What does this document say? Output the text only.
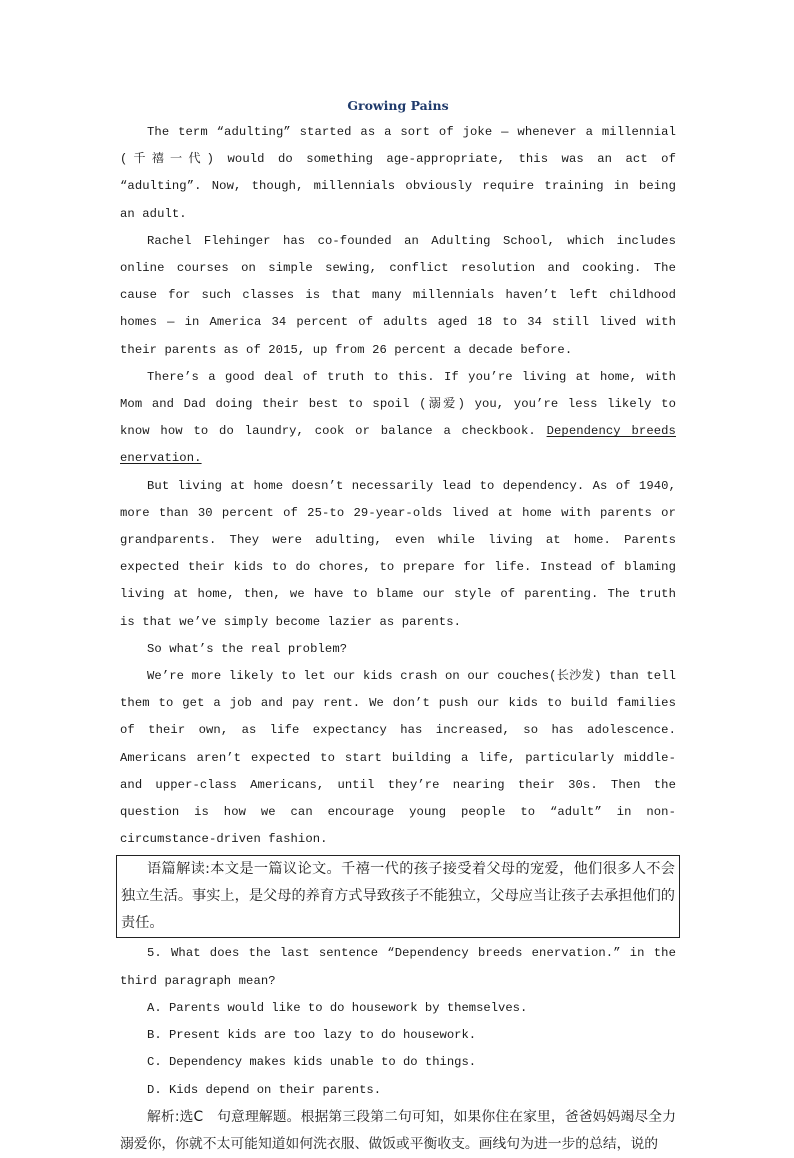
Growing Pains

The term “adulting” started as a sort of joke — whenever a millennial (千禧一代) would do something age-appropriate, this was an act of “adulting”. Now, though, millennials obviously require training in being an adult.

Rachel Flehinger has co-founded an Adulting School, which includes online courses on simple sewing, conflict resolution and cooking. The cause for such classes is that many millennials haven’t left childhood homes — in America 34 percent of adults aged 18 to 34 still lived with their parents as of 2015, up from 26 percent a decade before.

There’s a good deal of truth to this. If you’re living at home, with Mom and Dad doing their best to spoil (溺爱) you, you’re less likely to know how to do laundry, cook or balance a checkbook. Dependency breeds enervation.

But living at home doesn’t necessarily lead to dependency. As of 1940, more than 30 percent of 25-to 29-year-olds lived at home with parents or grandparents. They were adulting, even while living at home. Parents expected their kids to do chores, to prepare for life. Instead of blaming living at home, then, we have to blame our style of parenting. The truth is that we’ve simply become lazier as parents.

So what’s the real problem?

We’re more likely to let our kids crash on our couches(长沙发) than tell them to get a job and pay rent. We don’t push our kids to build families of their own, as life expectancy has increased, so has adolescence. Americans aren’t expected to start building a life, particularly middle-and upper-class Americans, until they’re nearing their 30s. Then the question is how we can encourage young people to “adult” in non-circumstance-driven fashion.

语篇解读:本文是一篇议论文。千禧一代的孩子接受着父母的宠爱，他们很多人不会独立生活。事实上，是父母的养育方式导致孩子不能独立，父母应当让孩子去承担他们的责任。

5. What does the last sentence “Dependency breeds enervation.” in the third paragraph mean?

A. Parents would like to do housework by themselves.

B. Present kids are too lazy to do housework.

C. Dependency makes kids unable to do things.

D. Kids depend on their parents.

解析:选C　句意理解题。根据第三段第二句可知，如果你住在家里，爸爸妈妈竭尽全力溺爱你，你就不太可能知道如何洗衣服、做饭或平衡收支。画线句为进一步的总结，说的
